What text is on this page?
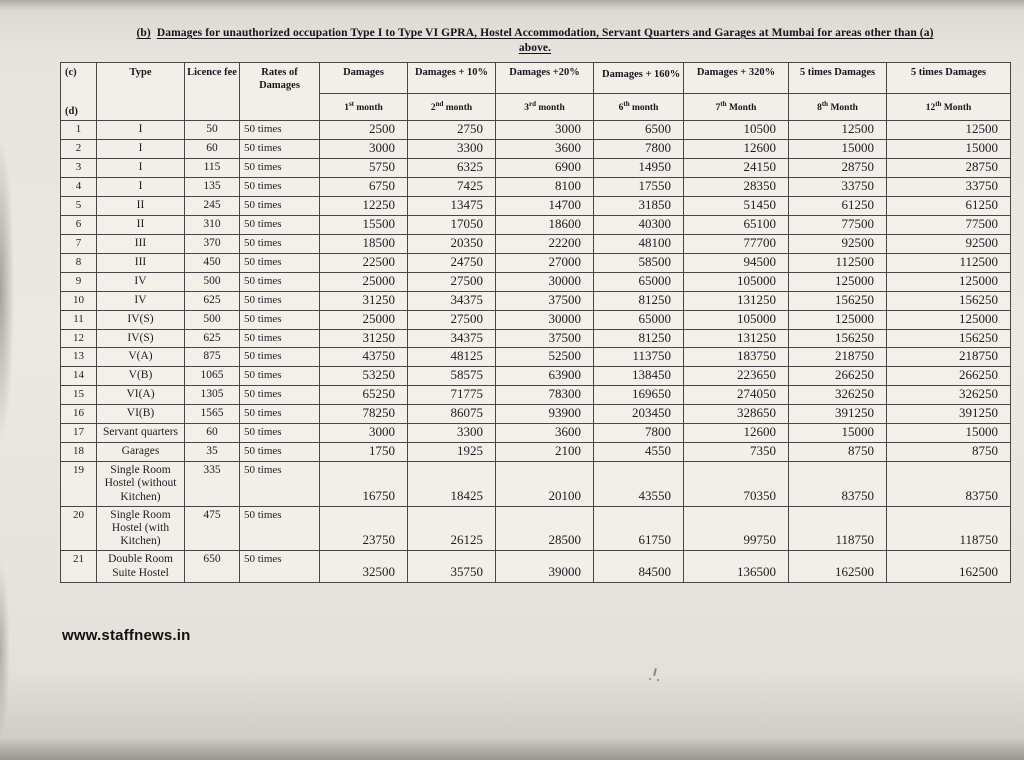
(b) Damages for unauthorized occupation Type I to Type VI GPRA, Hostel Accommodation, Servant Quarters and Garages at Mumbai for areas other than (a)
above.
(c)
(d)	Type	Licence fee	Rates of Damages	Damages	Damages + 10%	Damages +20%	Damages + 160%	Damages + 320%	5 times Damages	5 times Damages
				1st month	2nd month	3rd month	6th month	7th Month	8th Month	12th Month
1	I	50	50 times	2500	2750	3000	6500	10500	12500	12500
2	I	60	50 times	3000	3300	3600	7800	12600	15000	15000
3	I	115	50 times	5750	6325	6900	14950	24150	28750	28750
4	I	135	50 times	6750	7425	8100	17550	28350	33750	33750
5	II	245	50 times	12250	13475	14700	31850	51450	61250	61250
6	II	310	50 times	15500	17050	18600	40300	65100	77500	77500
7	III	370	50 times	18500	20350	22200	48100	77700	92500	92500
8	III	450	50 times	22500	24750	27000	58500	94500	112500	112500
9	IV	500	50 times	25000	27500	30000	65000	105000	125000	125000
10	IV	625	50 times	31250	34375	37500	81250	131250	156250	156250
11	IV(S)	500	50 times	25000	27500	30000	65000	105000	125000	125000
12	IV(S)	625	50 times	31250	34375	37500	81250	131250	156250	156250
13	V(A)	875	50 times	43750	48125	52500	113750	183750	218750	218750
14	V(B)	1065	50 times	53250	58575	63900	138450	223650	266250	266250
15	VI(A)	1305	50 times	65250	71775	78300	169650	274050	326250	326250
16	VI(B)	1565	50 times	78250	86075	93900	203450	328650	391250	391250
17	Servant quarters	60	50 times	3000	3300	3600	7800	12600	15000	15000
18	Garages	35	50 times	1750	1925	2100	4550	7350	8750	8750
19	Single Room Hostel (without Kitchen)	335	50 times	16750	18425	20100	43550	70350	83750	83750
20	Single Room Hostel (with Kitchen)	475	50 times	23750	26125	28500	61750	99750	118750	118750
21	Double Room Suite Hostel	650	50 times	32500	35750	39000	84500	136500	162500	162500
www.staffnews.in
